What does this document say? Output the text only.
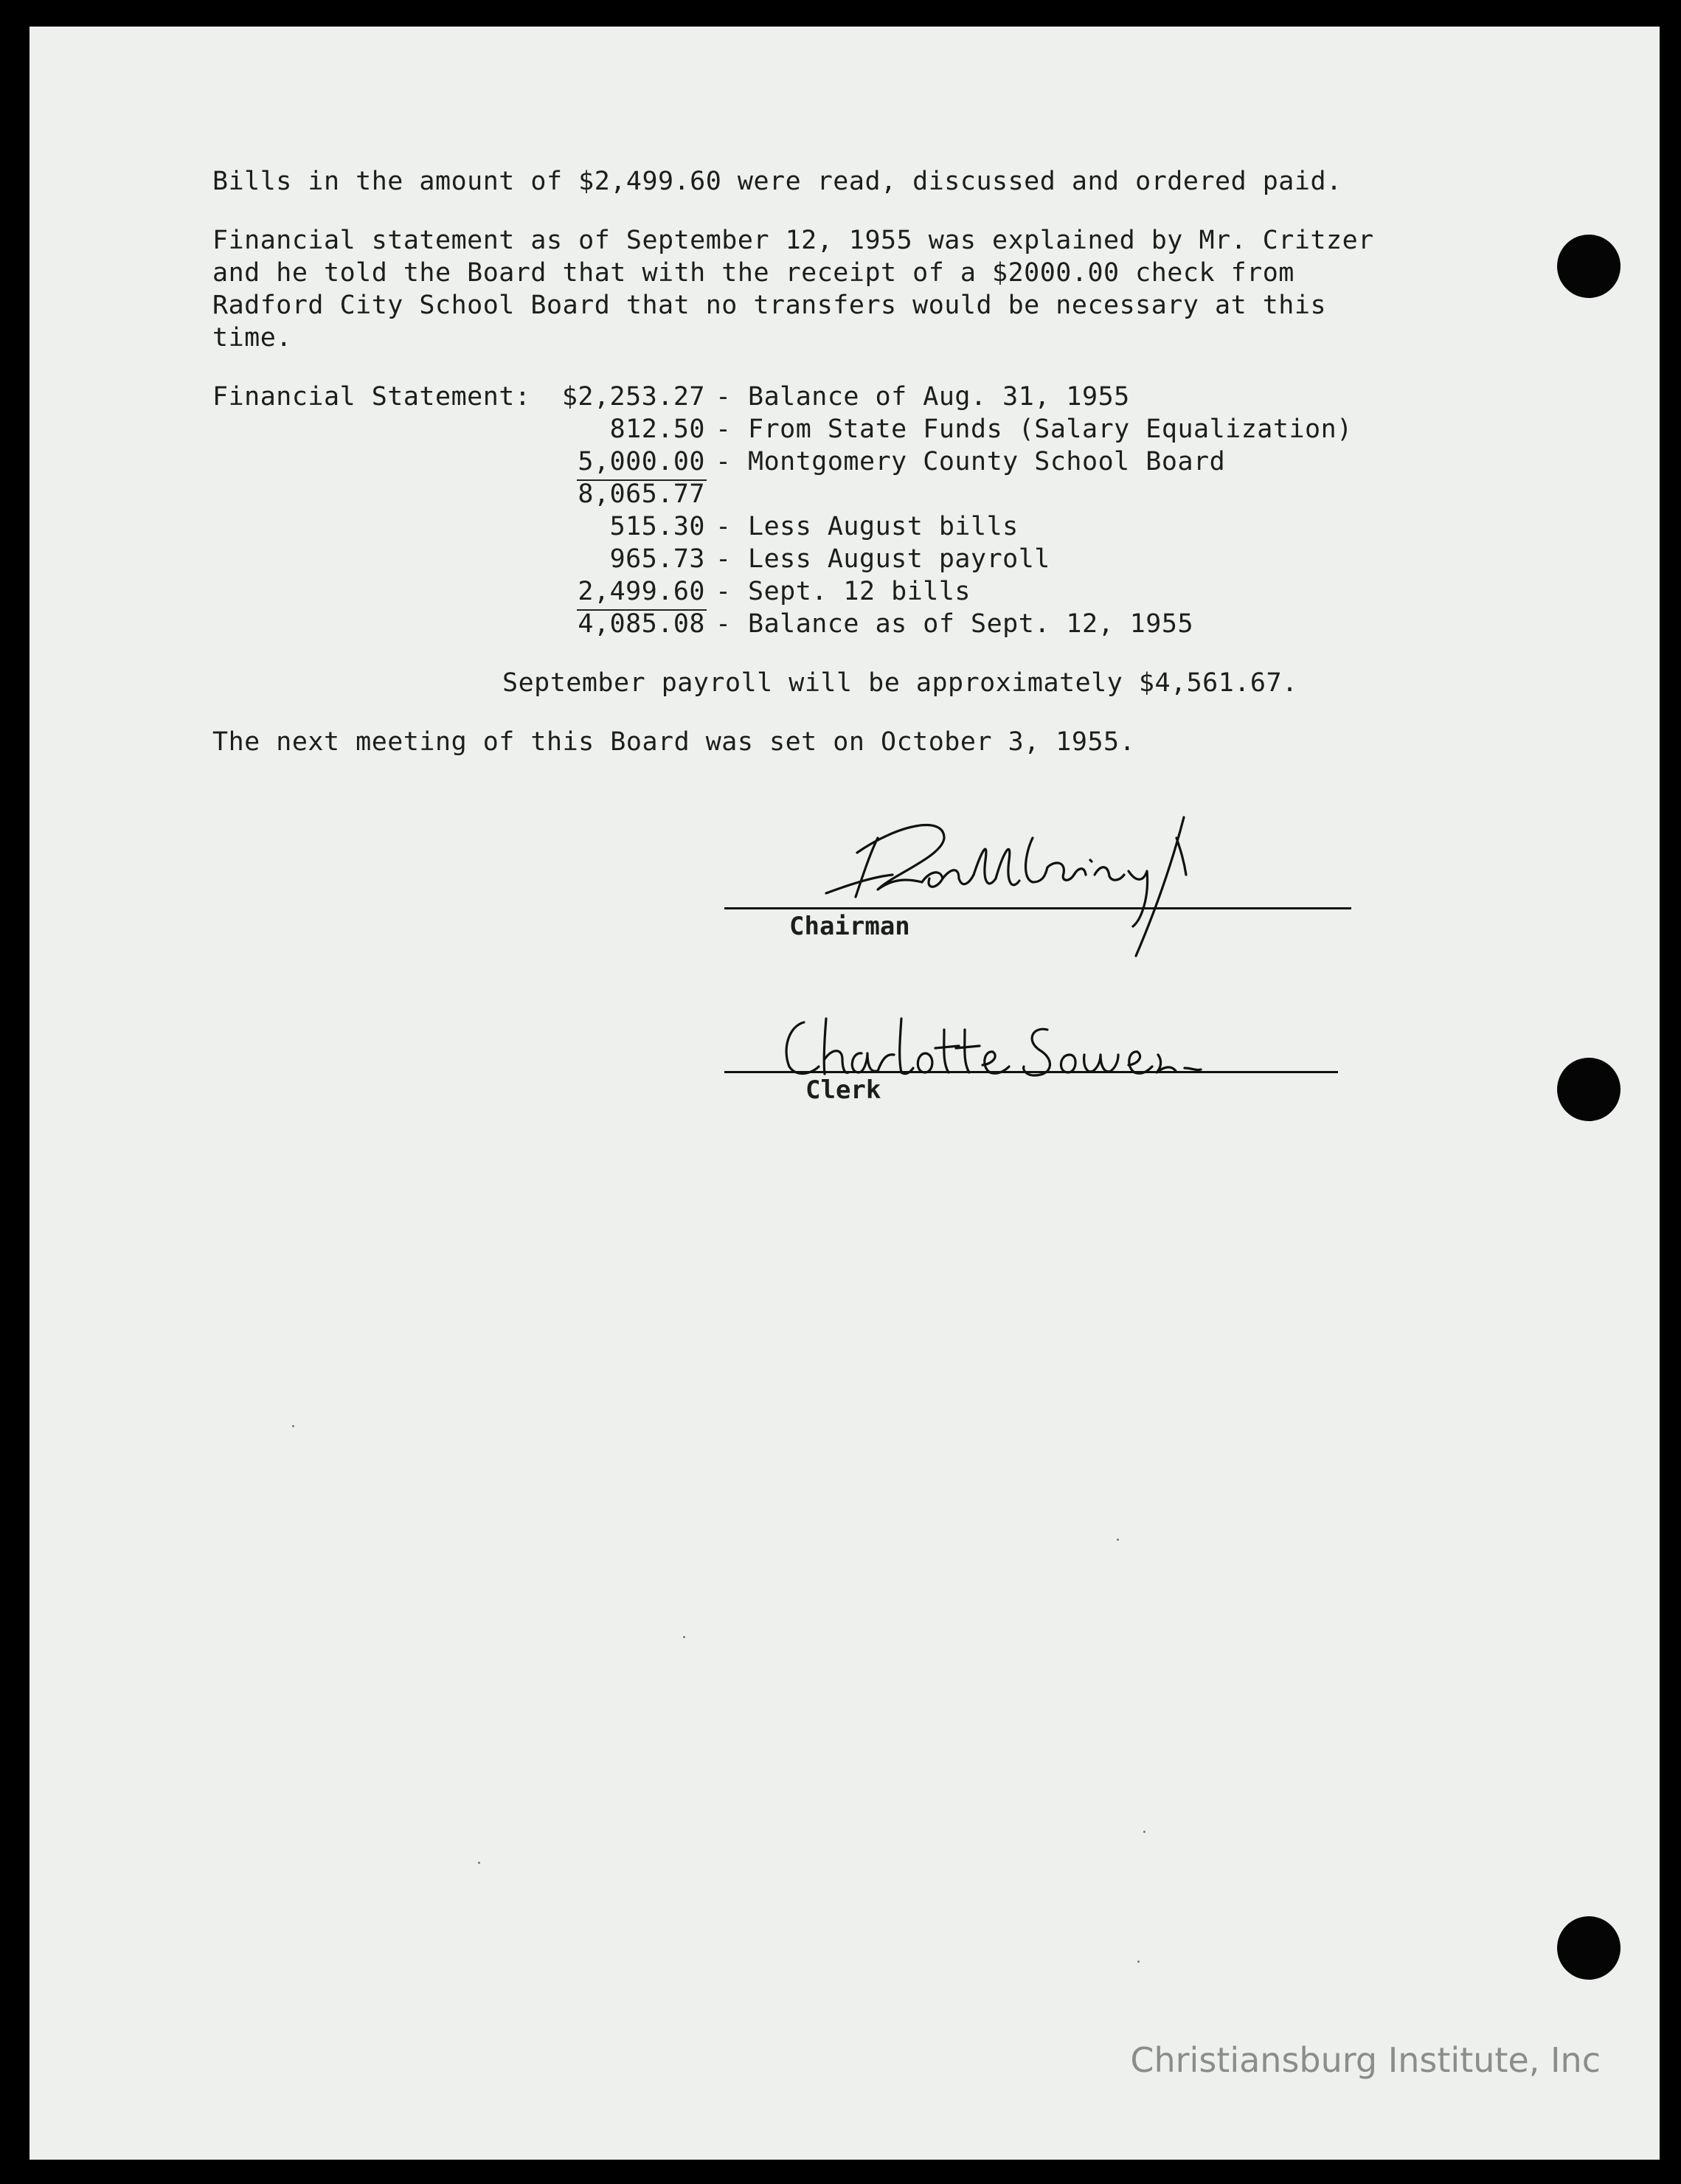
Bills in the amount of $2,499.60 were read, discussed and ordered paid.

Financial statement as of September 12, 1955 was explained by Mr. Critzer

and he told the Board that with the receipt of a $2000.00 check from

Radford City School Board that no transfers would be necessary at this

time.

Financial Statement:

$2,253.27

-

Balance of Aug. 31, 1955

812.50

-

From State Funds (Salary Equalization)

5,000.00

-

Montgomery County School Board

8,065.77

515.30

-

Less August bills

965.73

-

Less August payroll

2,499.60

-

Sept. 12 bills

4,085.08

-

Balance as of Sept. 12, 1955

September payroll will be approximately $4,561.67.

The next meeting of this Board was set on October 3, 1955.

Chairman
Clerk
Christiansburg Institute, Inc
